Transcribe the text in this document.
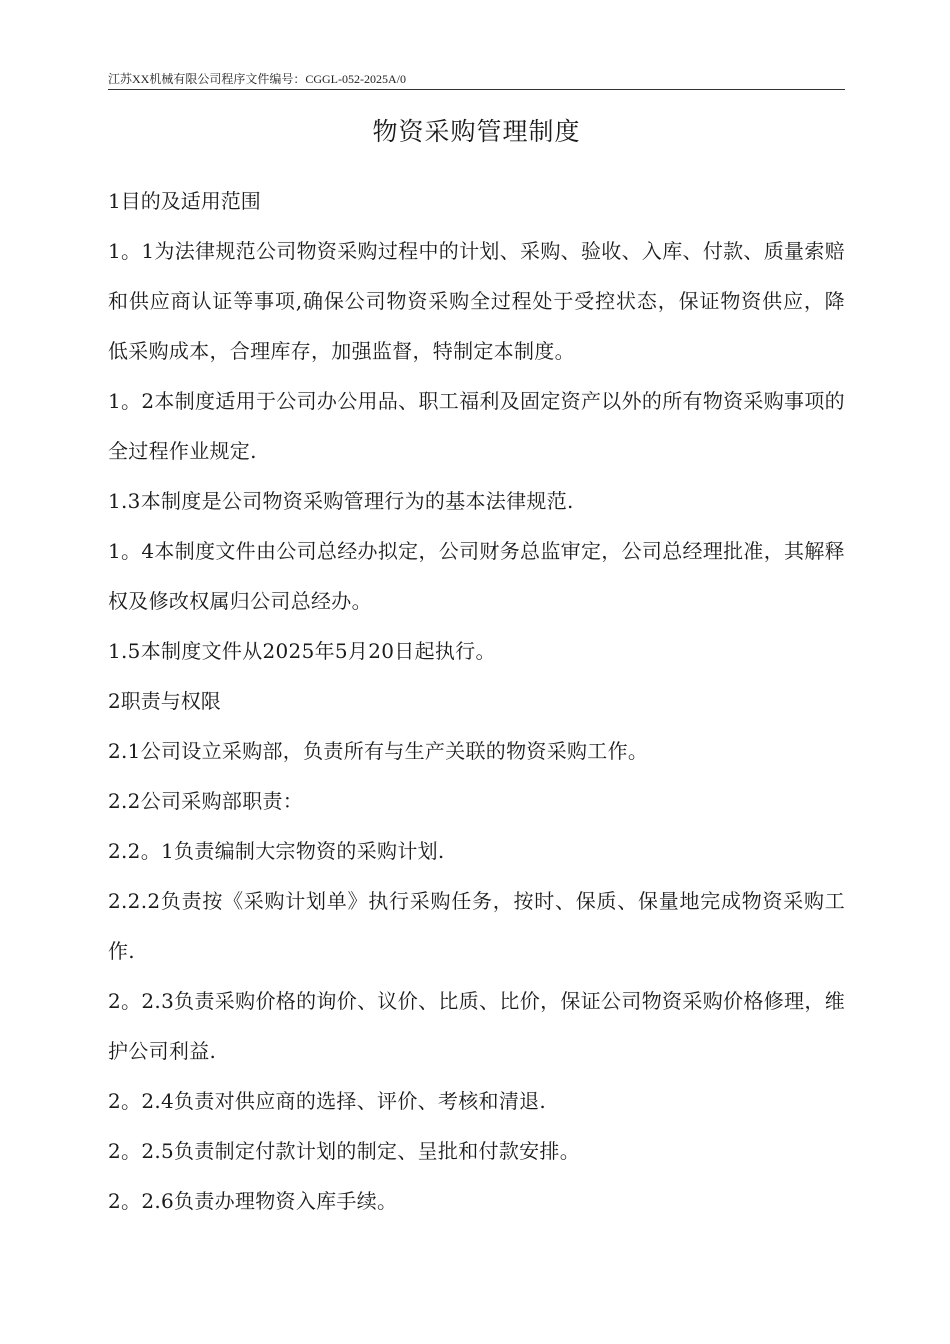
江苏XX机械有限公司程序文件编号：CGGL-052-2025A/0
物资采购管理制度

1目的及适用范围

1。1为法律规范公司物资采购过程中的计划、采购、验收、入库、付款、质量索赔和供应商认证等事项,确保公司物资采购全过程处于受控状态，保证物资供应，降低采购成本，合理库存，加强监督，特制定本制度。

1。2本制度适用于公司办公用品、职工福利及固定资产以外的所有物资采购事项的全过程作业规定.

1.3本制度是公司物资采购管理行为的基本法律规范.

1。4本制度文件由公司总经办拟定，公司财务总监审定，公司总经理批准，其解释权及修改权属归公司总经办。

1.5本制度文件从2025年5月20日起执行。

2职责与权限

2.1公司设立采购部，负责所有与生产关联的物资采购工作。

2.2公司采购部职责：

2.2。1负责编制大宗物资的采购计划.

2.2.2负责按《采购计划单》执行采购任务，按时、保质、保量地完成物资采购工作.

2。2.3负责采购价格的询价、议价、比质、比价，保证公司物资采购价格修理，维护公司利益.

2。2.4负责对供应商的选择、评价、考核和清退.

2。2.5负责制定付款计划的制定、呈批和付款安排。

2。2.6负责办理物资入库手续。
